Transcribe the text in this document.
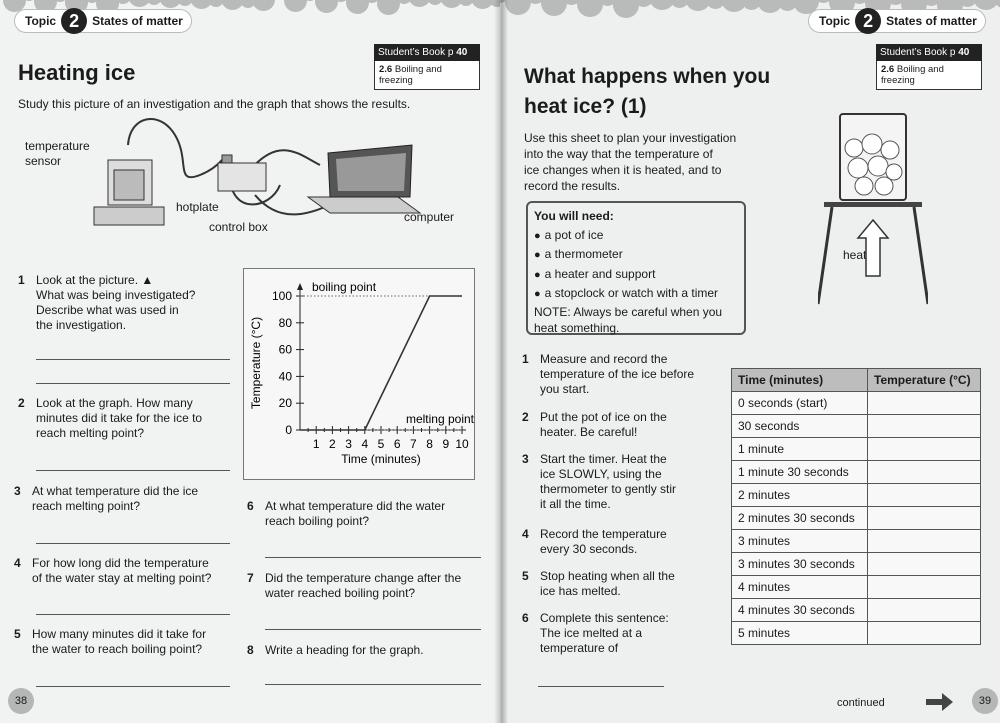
Topic 2	States of matter
Student’s Book p 40
2.6 Boiling and freezing
Heating ice
Study this picture of an investigation and the graph that shows the results.
temperature
sensor
hotplate
control box
computer
1 Look at the picture. ▲
What was being investigated?
Describe what was used in
the investigation.
2 Look at the graph. How many
minutes did it take for the ice to
reach melting point?
3 At what temperature did the ice
reach melting point?
4 For how long did the temperature
of the water stay at melting point?
5 How many minutes did it take for
the water to reach boiling point?
6 At what temperature did the water
reach boiling point?
7 Did the temperature change after the
water reached boiling point?
8 Write a heading for the graph.
0
20
40
60
80
100
1 2 3 4 5 6 7 8 9 10
Time (minutes)
Temperature (°C)
boiling point
melting point
38
Topic 2	States of matter
Student’s Book p 40
2.6 Boiling and freezing
What happens when you
heat ice? (1)
Use this sheet to plan your investigation
into the way that the temperature of
ice changes when it is heated, and to
record the results.
heat
You will need:
● a pot of ice
● a thermometer
● a heater and support
● a stopclock or watch with a timer
NOTE: Always be careful when you
heat something.
1 Measure and record the
temperature of the ice before
you start.
2 Put the pot of ice on the
heater. Be careful!
3 Start the timer. Heat the
ice SLOWLY, using the
thermometer to gently stir
it all the time.
4 Record the temperature
every 30 seconds.
5 Stop heating when all the
ice has melted.
6 Complete this sentence:
The ice melted at a
temperature of
Time (minutes)	Temperature (°C)
0 seconds (start)	
30 seconds	
1 minute	
1 minute 30 seconds	
2 minutes	
2 minutes 30 seconds	
3 minutes	
3 minutes 30 seconds	
4 minutes	
4 minutes 30 seconds	
5 minutes	
continued	39
